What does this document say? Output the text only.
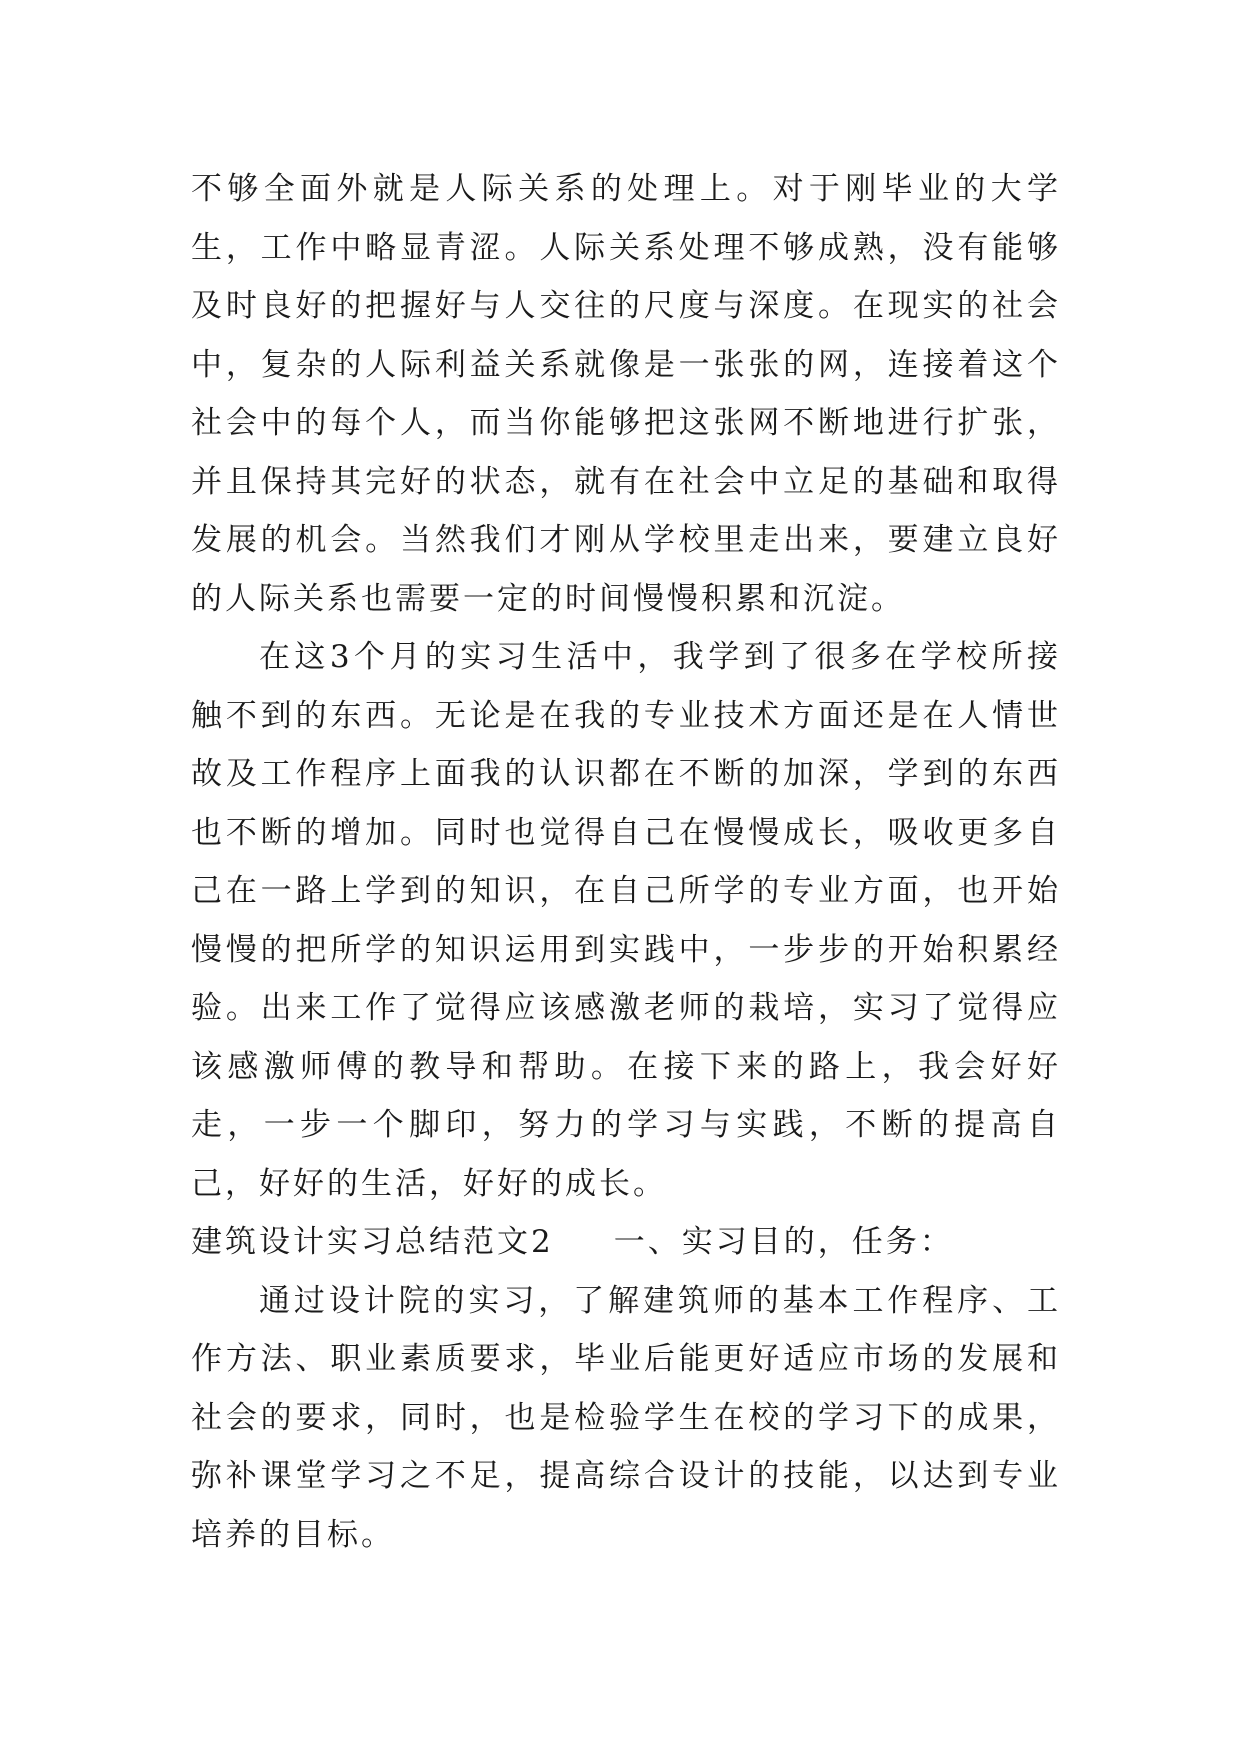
不够全面外就是人际关系的处理上。对于刚毕业的大学生，工作中略显青涩。人际关系处理不够成熟，没有能够及时良好的把握好与人交往的尺度与深度。在现实的社会中，复杂的人际利益关系就像是一张张的网，连接着这个社会中的每个人，而当你能够把这张网不断地进行扩张，并且保持其完好的状态，就有在社会中立足的基础和取得发展的机会。当然我们才刚从学校里走出来，要建立良好的人际关系也需要一定的时间慢慢积累和沉淀。

在这3个月的实习生活中，我学到了很多在学校所接触不到的东西。无论是在我的专业技术方面还是在人情世故及工作程序上面我的认识都在不断的加深，学到的东西也不断的增加。同时也觉得自己在慢慢成长，吸收更多自己在一路上学到的知识，在自己所学的专业方面，也开始慢慢的把所学的知识运用到实践中，一步步的开始积累经验。出来工作了觉得应该感激老师的栽培，实习了觉得应该感激师傅的教导和帮助。在接下来的路上，我会好好走，一步一个脚印，努力的学习与实践，不断的提高自己，好好的生活，好好的成长。

建筑设计实习总结范文2 一、实习目的，任务：

通过设计院的实习，了解建筑师的基本工作程序、工作方法、职业素质要求，毕业后能更好适应市场的发展和社会的要求，同时，也是检验学生在校的学习下的成果，弥补课堂学习之不足，提高综合设计的技能，以达到专业培养的目标。
